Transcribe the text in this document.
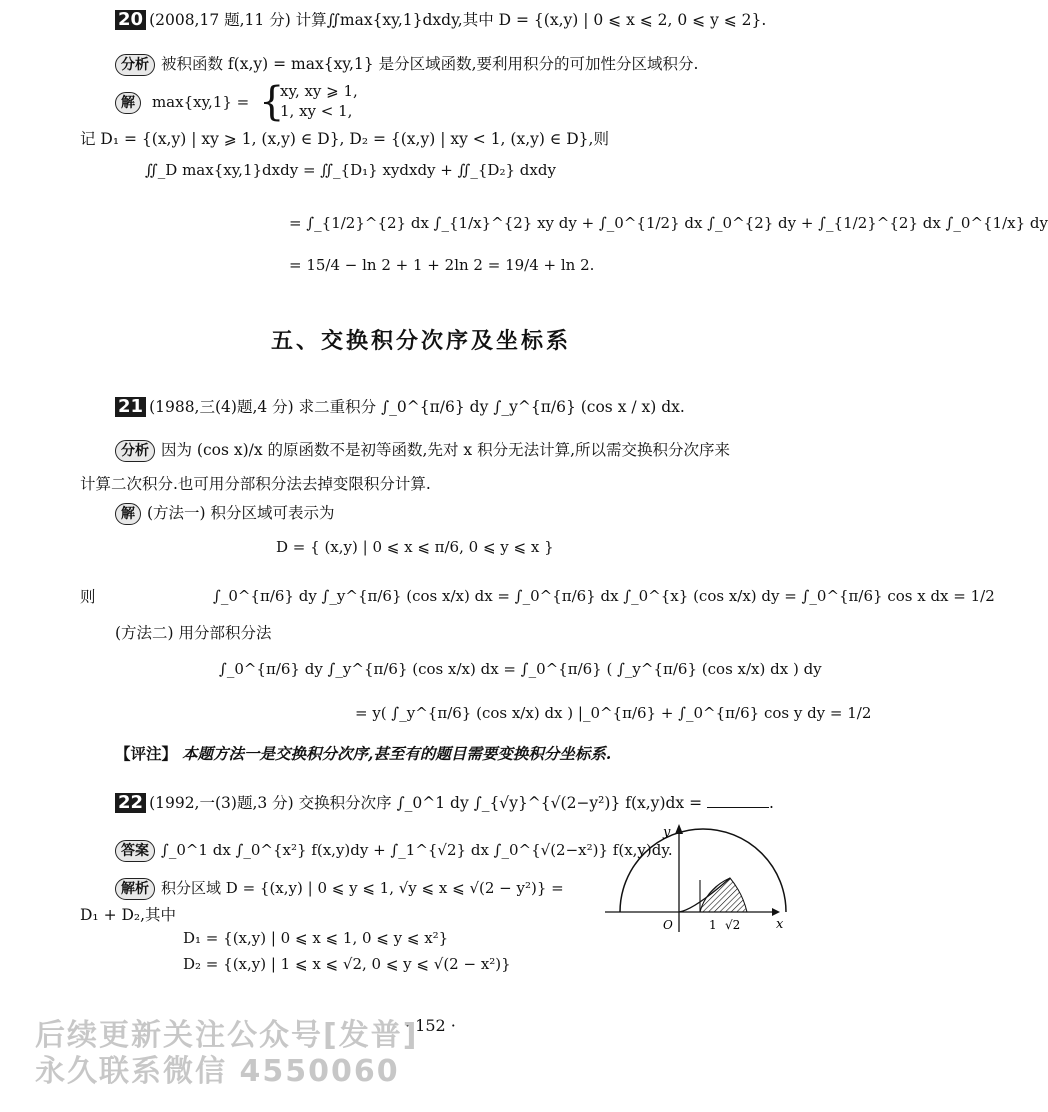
20 (2008,17 题,11 分) 计算∬max{xy,1}dxdy,其中 D = {(x,y) | 0 ⩽ x ⩽ 2, 0 ⩽ y ⩽ 2}.
分析 被积函数 f(x,y) = max{xy,1} 是分区域函数,要利用积分的可加性分区域积分.
解 max{xy,1} = {
xy, xy ⩾ 1,
1, xy < 1,
记 D₁ = {(x,y) | xy ⩾ 1, (x,y) ∈ D}, D₂ = {(x,y) | xy < 1, (x,y) ∈ D},则
∬_D max{xy,1}dxdy = ∬_{D₁} xydxdy + ∬_{D₂} dxdy
= ∫_{1/2}^{2} dx ∫_{1/x}^{2} xy dy + ∫_0^{1/2} dx ∫_0^{2} dy + ∫_{1/2}^{2} dx ∫_0^{1/x} dy
= 15/4 − ln 2 + 1 + 2ln 2 = 19/4 + ln 2.
五、交换积分次序及坐标系
21 (1988,三(4)题,4 分) 求二重积分 ∫_0^{π/6} dy ∫_y^{π/6} (cos x / x) dx.
分析 因为 (cos x)/x 的原函数不是初等函数,先对 x 积分无法计算,所以需交换积分次序来
计算二次积分.也可用分部积分法去掉变限积分计算.
解 (方法一) 积分区域可表示为
D = { (x,y) | 0 ⩽ x ⩽ π/6, 0 ⩽ y ⩽ x }
则	∫_0^{π/6} dy ∫_y^{π/6} (cos x/x) dx = ∫_0^{π/6} dx ∫_0^{x} (cos x/x) dy = ∫_0^{π/6} cos x dx = 1/2
(方法二) 用分部积分法
∫_0^{π/6} dy ∫_y^{π/6} (cos x/x) dx = ∫_0^{π/6} ( ∫_y^{π/6} (cos x/x) dx ) dy
= y( ∫_y^{π/6} (cos x/x) dx ) |_0^{π/6} + ∫_0^{π/6} cos y dy = 1/2
【评注】 本题方法一是交换积分次序,甚至有的题目需要变换积分坐标系.
22 (1992,一(3)题,3 分) 交换积分次序 ∫_0^1 dy ∫_{√y}^{√(2−y²)} f(x,y)dx =	.
答案 ∫_0^1 dx ∫_0^{x²} f(x,y)dy + ∫_1^{√2} dx ∫_0^{√(2−x²)} f(x,y)dy.
解析 积分区域 D = {(x,y) | 0 ⩽ y ⩽ 1, √y ⩽ x ⩽ √(2 − y²)} =
D₁ + D₂,其中
D₁ = {(x,y) | 0 ⩽ x ⩽ 1, 0 ⩽ y ⩽ x²}
D₂ = {(x,y) | 1 ⩽ x ⩽ √2, 0 ⩽ y ⩽ √(2 − x²)}
y
x
O	1 √2
· 152 ·
后续更新关注公众号[发普]
永久联系微信 4550060
